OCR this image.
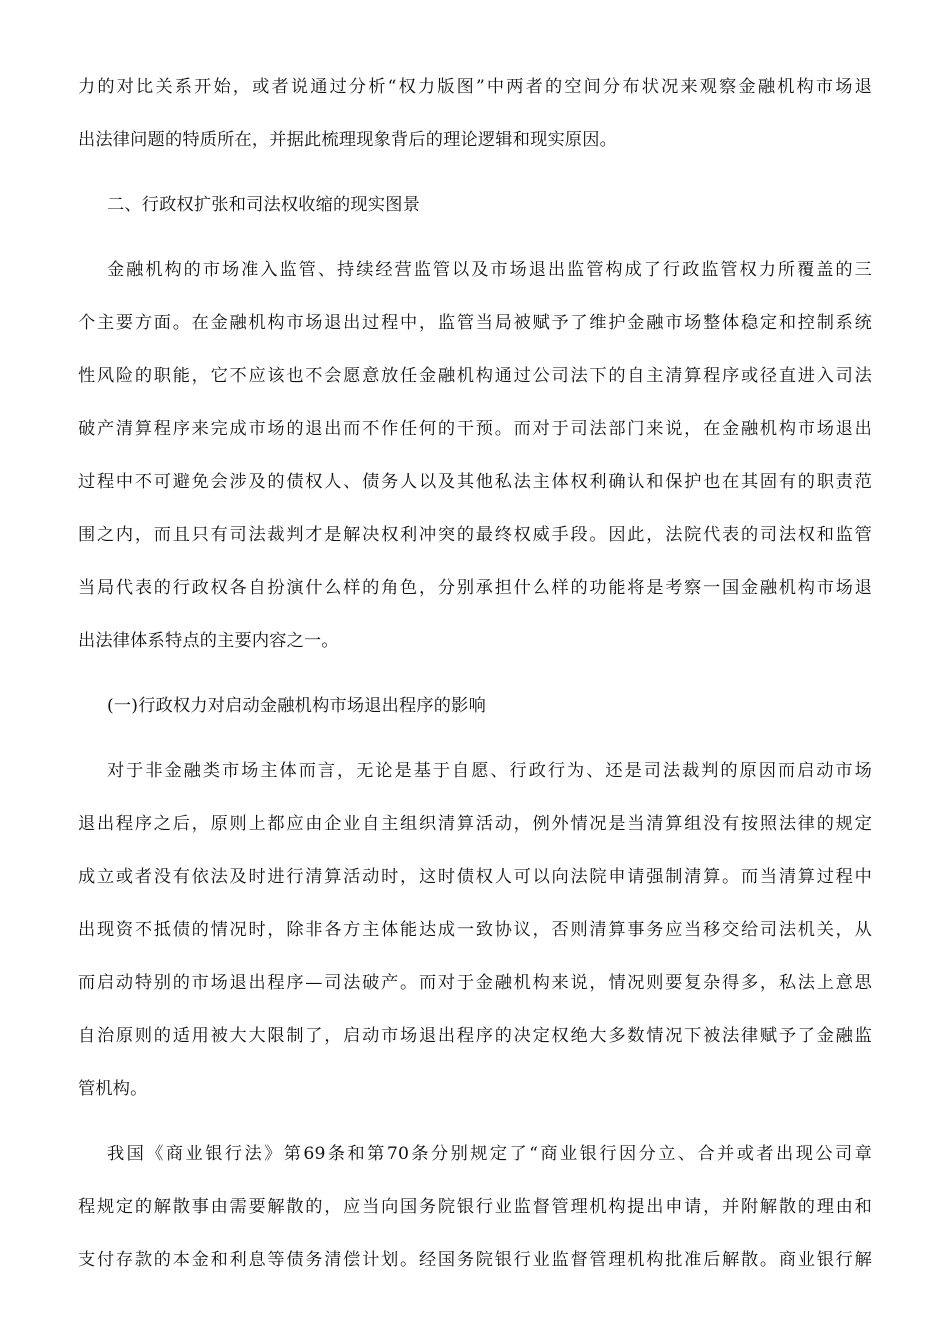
力的对比关系开始，或者说通过分析“权力版图”中两者的空间分布状况来观察金融机构市场退
出法律问题的特质所在，并据此梳理现象背后的理论逻辑和现实原因。
二、行政权扩张和司法权收缩的现实图景
金融机构的市场准入监管、持续经营监管以及市场退出监管构成了行政监管权力所覆盖的三
个主要方面。在金融机构市场退出过程中，监管当局被赋予了维护金融市场整体稳定和控制系统
性风险的职能，它不应该也不会愿意放任金融机构通过公司法下的自主清算程序或径直进入司法
破产清算程序来完成市场的退出而不作任何的干预。而对于司法部门来说，在金融机构市场退出
过程中不可避免会涉及的债权人、债务人以及其他私法主体权利确认和保护也在其固有的职责范
围之内，而且只有司法裁判才是解决权利冲突的最终权威手段。因此，法院代表的司法权和监管
当局代表的行政权各自扮演什么样的角色，分别承担什么样的功能将是考察一国金融机构市场退
出法律体系特点的主要内容之一。
(一)行政权力对启动金融机构市场退出程序的影响
对于非金融类市场主体而言，无论是基于自愿、行政行为、还是司法裁判的原因而启动市场
退出程序之后，原则上都应由企业自主组织清算活动，例外情况是当清算组没有按照法律的规定
成立或者没有依法及时进行清算活动时，这时债权人可以向法院申请强制清算。而当清算过程中
出现资不抵债的情况时，除非各方主体能达成一致协议，否则清算事务应当移交给司法机关，从
而启动特别的市场退出程序—司法破产。而对于金融机构来说，情况则要复杂得多，私法上意思
自治原则的适用被大大限制了，启动市场退出程序的决定权绝大多数情况下被法律赋予了金融监
管机构。
我国《商业银行法》第69条和第70条分别规定了“商业银行因分立、合并或者出现公司章
程规定的解散事由需要解散的，应当向国务院银行业监督管理机构提出申请，并附解散的理由和
支付存款的本金和利息等债务清偿计划。经国务院银行业监督管理机构批准后解散。商业银行解
